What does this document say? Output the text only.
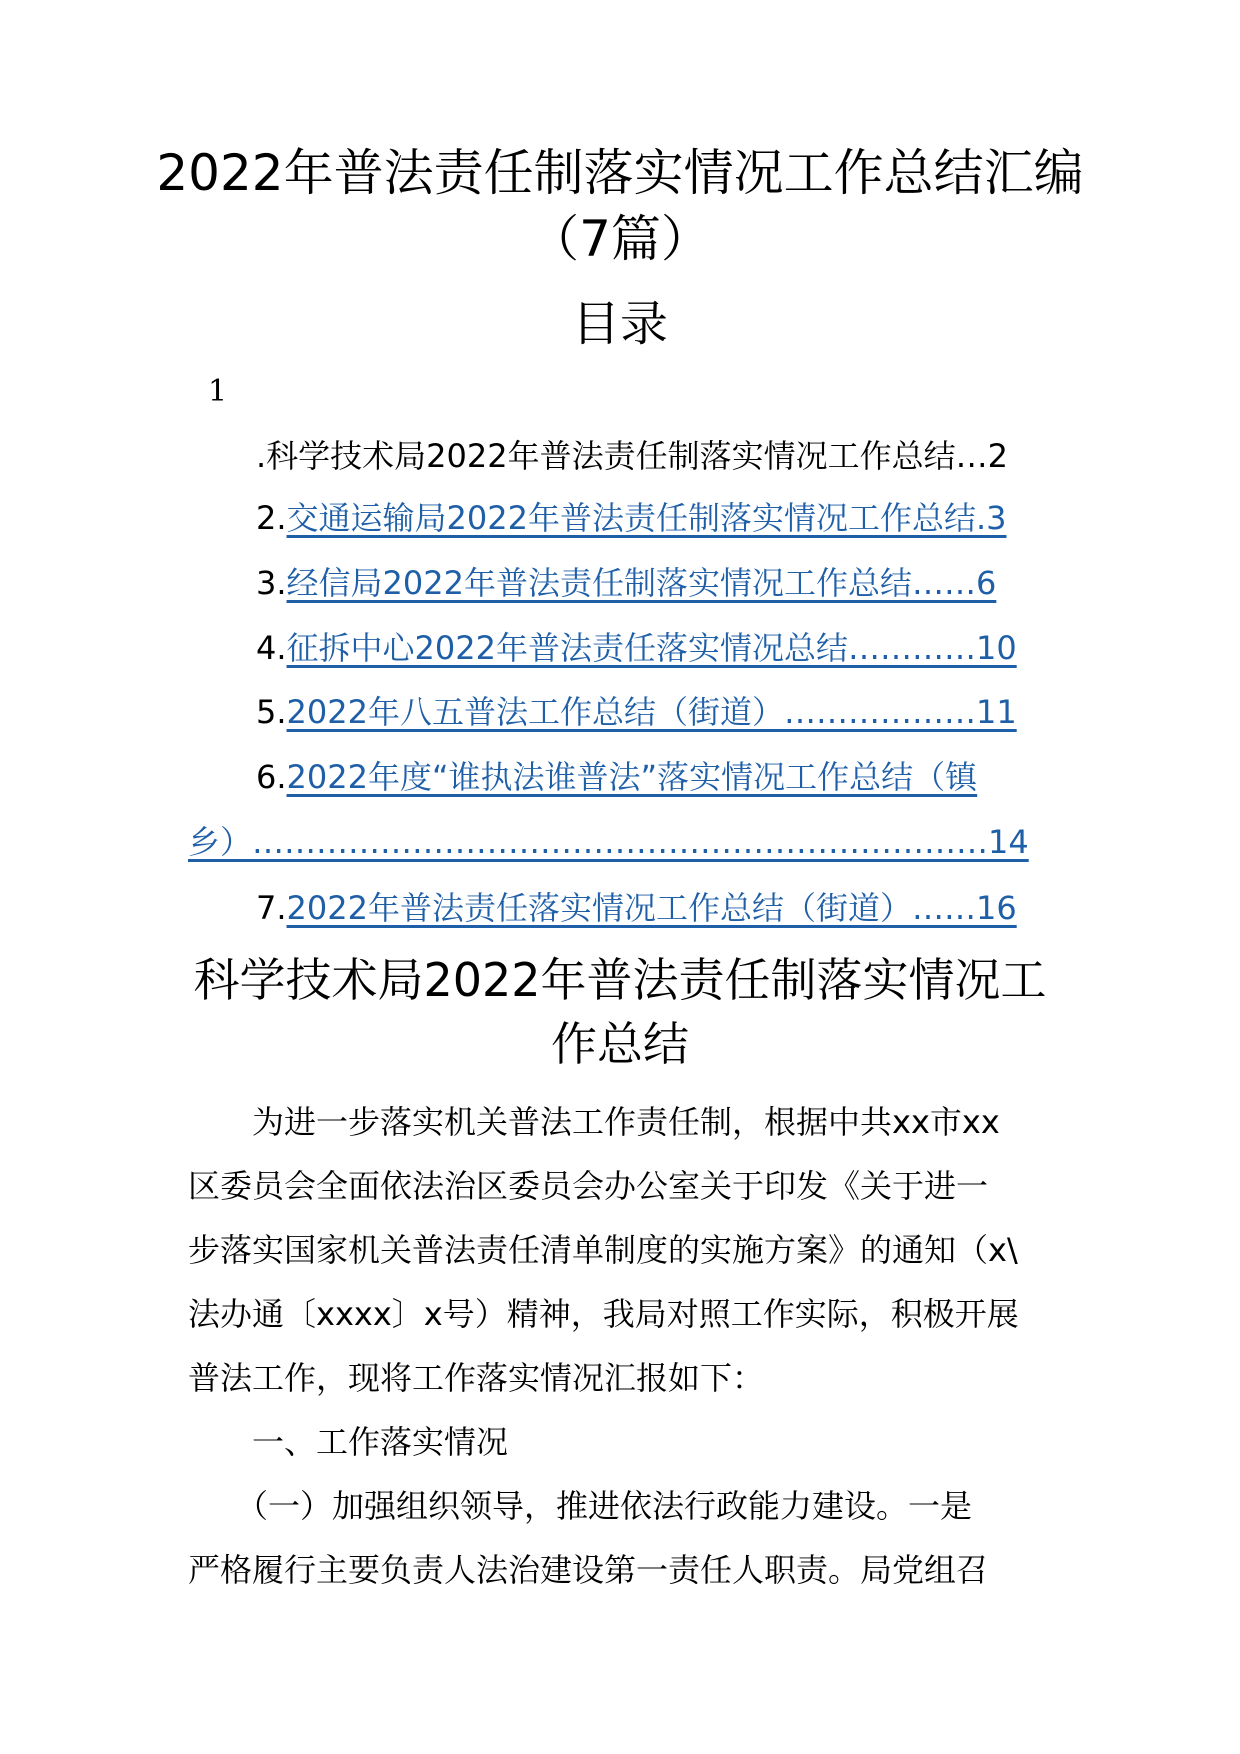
2022年普法责任制落实情况工作总结汇编
（7篇）
目录
1
.科学技术局2022年普法责任制落实情况工作总结…2
2.交通运输局2022年普法责任制落实情况工作总结.3
3.经信局2022年普法责任制落实情况工作总结……6
4.征拆中心2022年普法责任落实情况总结…………10
5.2022年八五普法工作总结（街道）………………11
6.2022年度“谁执法谁普法”落实情况工作总结（镇
乡）……………………………………………………………14
7.2022年普法责任落实情况工作总结（街道）……16
科学技术局2022年普法责任制落实情况工
作总结

　　为进一步落实机关普法工作责任制，根据中共xx市xx

区委员会全面依法治区委员会办公室关于印发《关于进一

步落实国家机关普法责任清单制度的实施方案》的通知（x\

法办通〔xxxx〕x号）精神，我局对照工作实际，积极开展

普法工作，现将工作落实情况汇报如下：

　　一、工作落实情况

　　（一）加强组织领导，推进依法行政能力建设。一是

严格履行主要负责人法治建设第一责任人职责。局党组召
